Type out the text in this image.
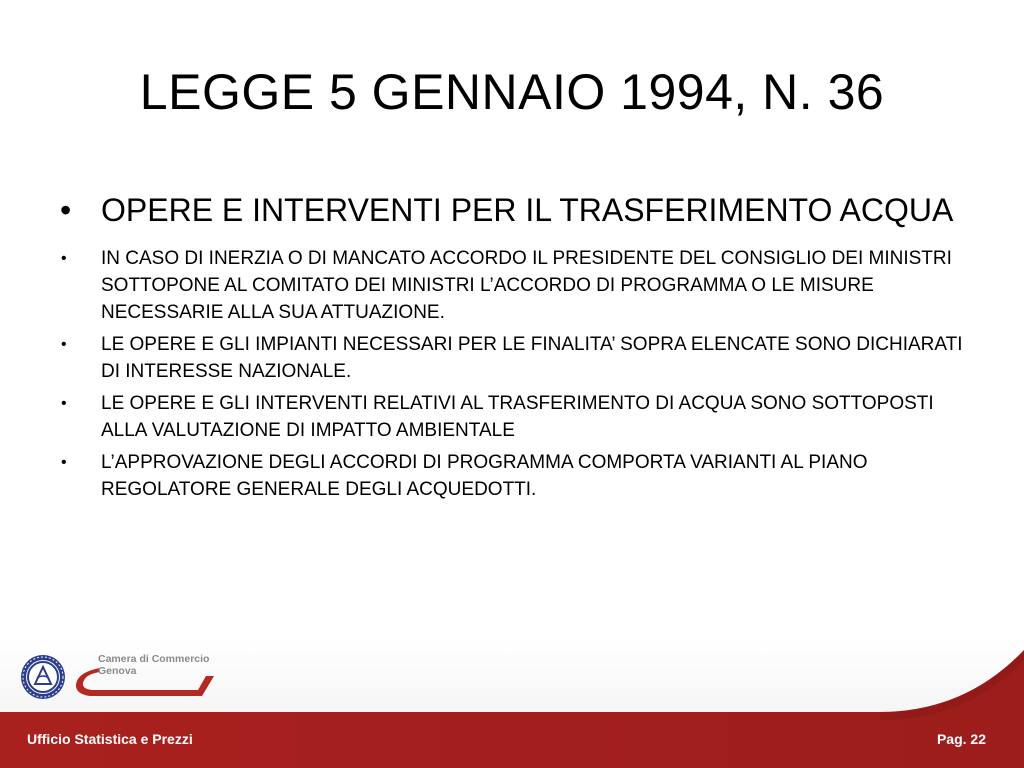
LEGGE 5 GENNAIO 1994, N. 36
• OPERE E INTERVENTI PER IL TRASFERIMENTO ACQUA
• IN CASO DI INERZIA O DI MANCATO ACCORDO IL PRESIDENTE DEL CONSIGLIO DEI MINISTRI SOTTOPONE AL COMITATO DEI MINISTRI L’ACCORDO DI PROGRAMMA O LE MISURE NECESSARIE ALLA SUA ATTUAZIONE.
• LE OPERE E GLI IMPIANTI NECESSARI PER LE FINALITA’ SOPRA ELENCATE SONO DICHIARATI DI INTERESSE NAZIONALE.
• LE OPERE E GLI INTERVENTI RELATIVI AL TRASFERIMENTO DI ACQUA SONO SOTTOPOSTI ALLA VALUTAZIONE DI IMPATTO AMBIENTALE
• L’APPROVAZIONE DEGLI ACCORDI DI PROGRAMMA COMPORTA VARIANTI AL PIANO REGOLATORE GENERALE DEGLI ACQUEDOTTI.
Camera di Commercio
Genova
Ufficio Statistica e Prezzi	Pag. 22
